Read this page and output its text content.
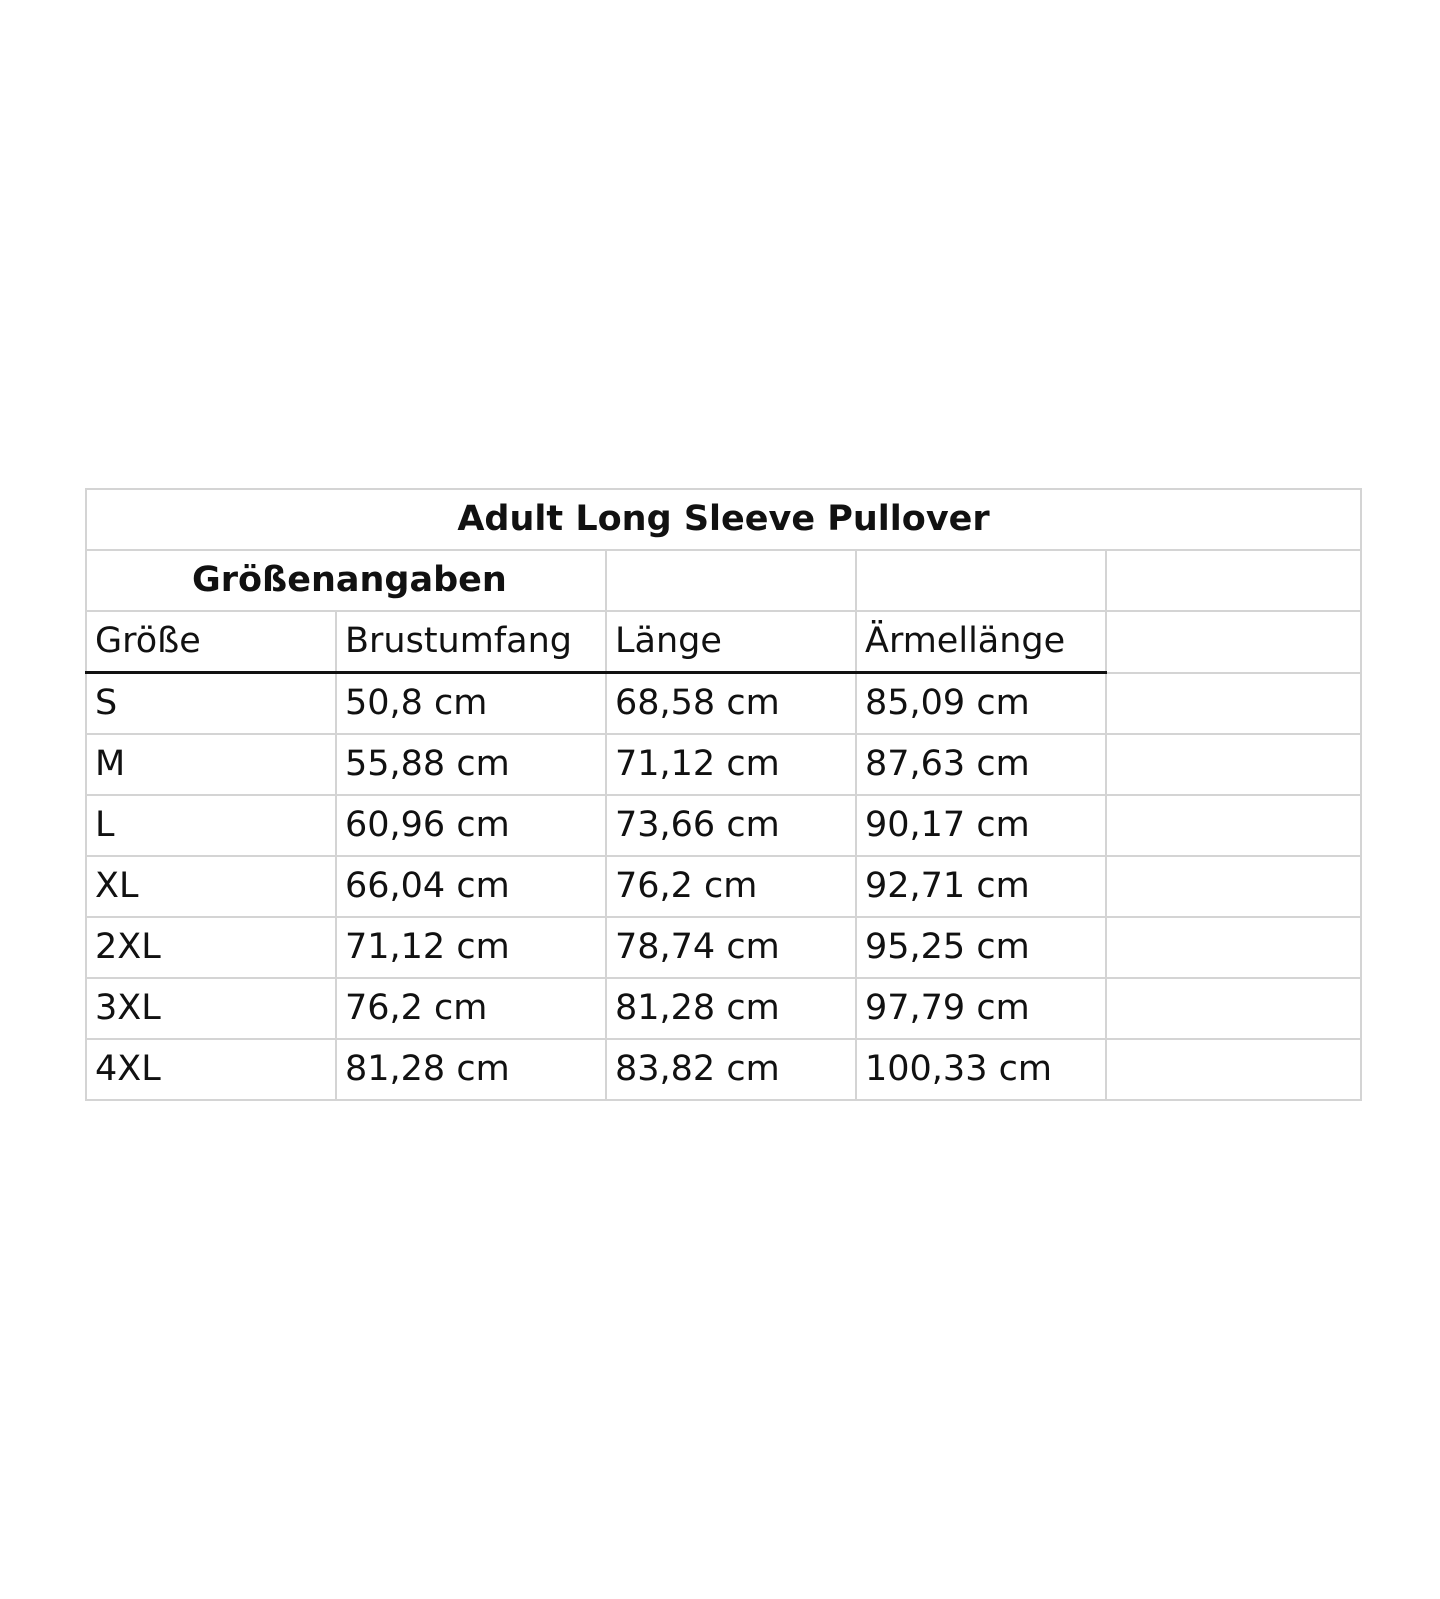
Adult Long Sleeve Pullover				
Größenangaben				
Größe	Brustumfang	Länge	Ärmellänge	
S	50,8 cm	68,58 cm	85,09 cm	
M	55,88 cm	71,12 cm	87,63 cm	
L	60,96 cm	73,66 cm	90,17 cm	
XL	66,04 cm	76,2 cm	92,71 cm	
2XL	71,12 cm	78,74 cm	95,25 cm	
3XL	76,2 cm	81,28 cm	97,79 cm	
4XL	81,28 cm	83,82 cm	100,33 cm	
